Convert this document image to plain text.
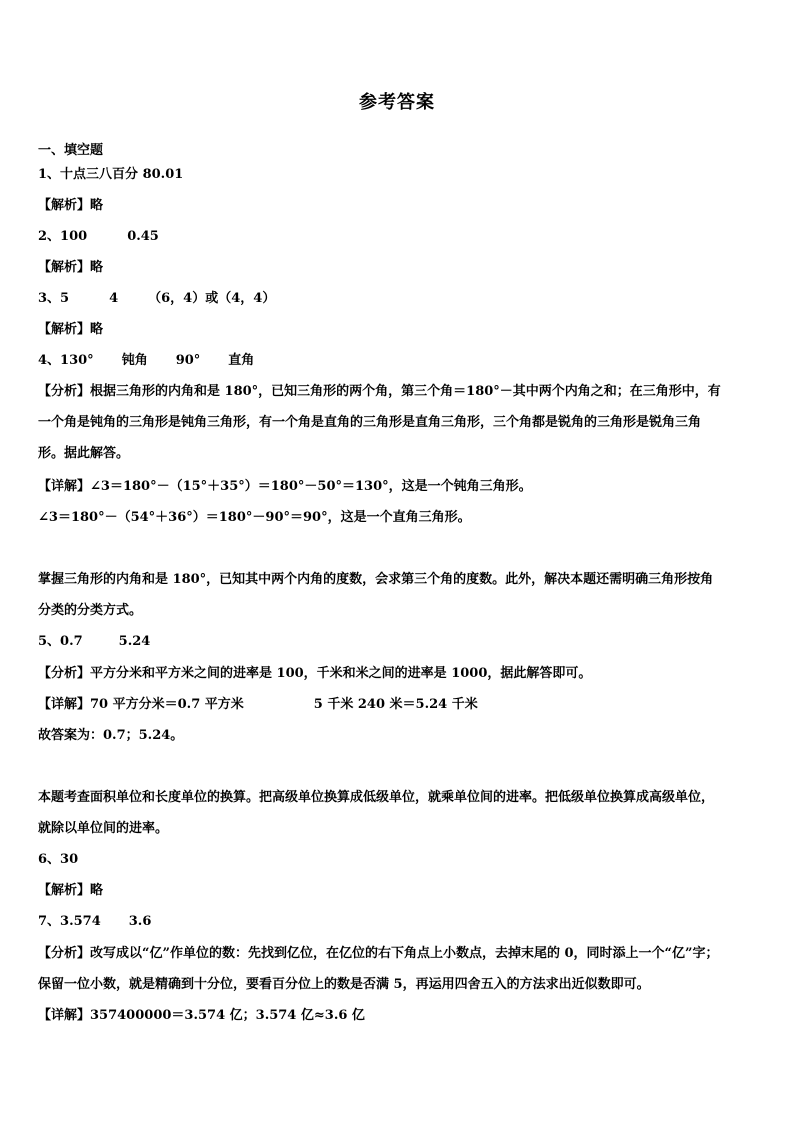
参考答案
一、填空题
1、十点三八百分 80.01
【解析】略
2、100	0.45
【解析】略
3、5	4 （6，4）或（4，4）
【解析】略
4、130° 钝角 90° 直角
【分析】根据三角形的内角和是 180°，已知三角形的两个角，第三个角＝180°－其中两个内角之和；在三角形中，有
一个角是钝角的三角形是钝角三角形，有一个角是直角的三角形是直角三角形，三个角都是锐角的三角形是锐角三角
形。据此解答。
【详解】∠3＝180°－（15°＋35°）＝180°－50°＝130°，这是一个钝角三角形。
∠3＝180°－（54°＋36°）＝180°－90°＝90°，这是一个直角三角形。
掌握三角形的内角和是 180°，已知其中两个内角的度数，会求第三个角的度数。此外，解决本题还需明确三角形按角
分类的分类方式。
5、0.7	5.24
【分析】平方分米和平方米之间的进率是 100，千米和米之间的进率是 1000，据此解答即可。
【详解】70 平方分米＝0.7 平方米	5 千米 240 米＝5.24 千米
故答案为：0.7；5.24。
本题考查面积单位和长度单位的换算。把高级单位换算成低级单位，就乘单位间的进率。把低级单位换算成高级单位，
就除以单位间的进率。
6、30
【解析】略
7、3.574 3.6
【分析】改写成以“亿”作单位的数：先找到亿位，在亿位的右下角点上小数点，去掉末尾的 0，同时添上一个“亿”字；
保留一位小数，就是精确到十分位，要看百分位上的数是否满 5，再运用四舍五入的方法求出近似数即可。
【详解】357400000＝3.574 亿；3.574 亿≈3.6 亿
